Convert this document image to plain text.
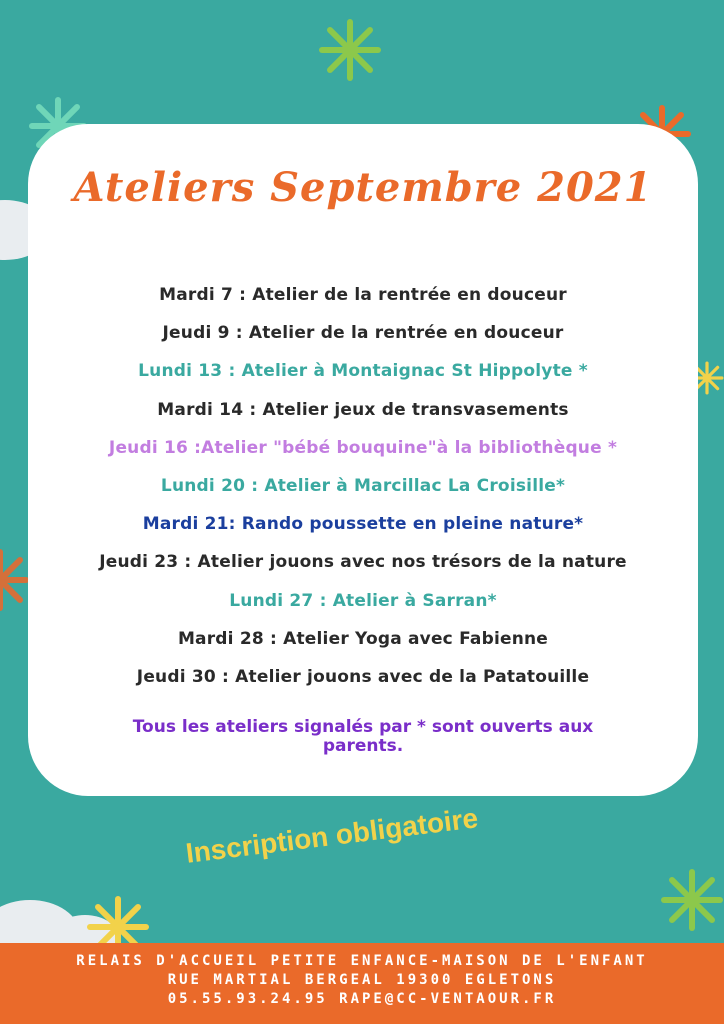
Ateliers Septembre 2021
Mardi 7 : Atelier de la rentrée en douceur
Jeudi 9 : Atelier de la rentrée en douceur
Lundi 13 : Atelier à Montaignac St Hippolyte *
Mardi 14 : Atelier jeux de transvasements
Jeudi 16 :Atelier "bébé bouquine"à la bibliothèque *
Lundi 20 : Atelier à Marcillac La Croisille*
Mardi 21: Rando poussette en pleine nature*
Jeudi 23 : Atelier jouons avec nos trésors de la nature
Lundi 27 : Atelier à Sarran*
Mardi 28 : Atelier Yoga avec Fabienne
Jeudi 30 : Atelier jouons avec de la Patatouille
Tous les ateliers signalés par * sont ouverts aux parents.
Inscription obligatoire
RELAIS D'ACCUEIL PETITE ENFANCE-MAISON DE L'ENFANT
RUE MARTIAL BERGEAL 19300 EGLETONS
05.55.93.24.95 RAPE@CC-VENTAOUR.FR
